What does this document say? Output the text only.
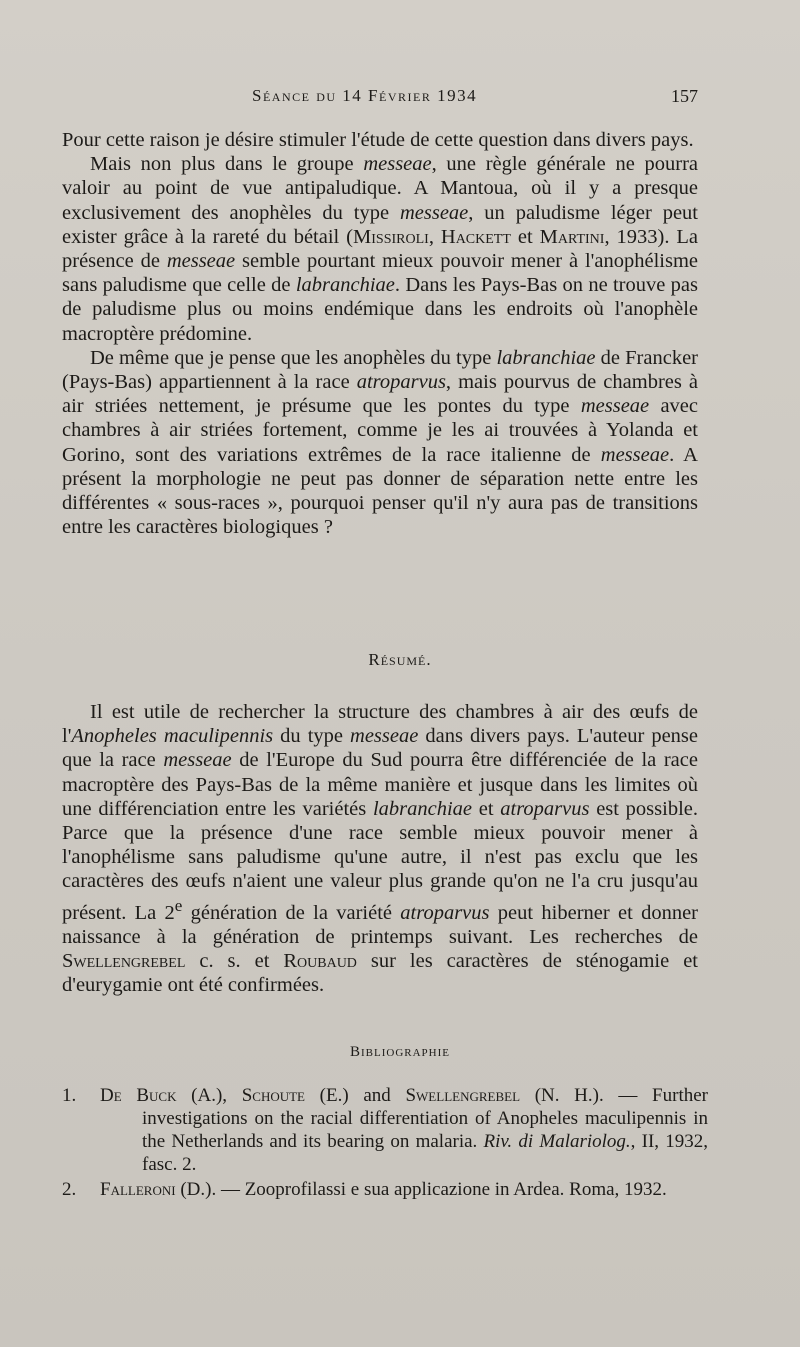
Séance du 14 Février 1934	157

Pour cette raison je désire stimuler l'étude de cette question dans divers pays.

Mais non plus dans le groupe messeae, une règle générale ne pourra valoir au point de vue antipaludique. A Mantoua, où il y a presque exclusivement des anophèles du type messeae, un paludisme léger peut exister grâce à la rareté du bétail (Missiroli, Hackett et Martini, 1933). La présence de messeae semble pourtant mieux pouvoir mener à l'anophélisme sans paludisme que celle de labranchiae. Dans les Pays-Bas on ne trouve pas de paludisme plus ou moins endémique dans les endroits où l'anophèle macroptère prédomine.

De même que je pense que les anophèles du type labranchiae de Francker (Pays-Bas) appartiennent à la race atroparvus, mais pourvus de chambres à air striées nettement, je présume que les pontes du type messeae avec chambres à air striées fortement, comme je les ai trouvées à Yolanda et Gorino, sont des variations extrêmes de la race italienne de messeae. A présent la morphologie ne peut pas donner de séparation nette entre les différentes « sous-races », pourquoi penser qu'il n'y aura pas de transitions entre les caractères biologiques ?

Résumé.

Il est utile de rechercher la structure des chambres à air des œufs de l'Anopheles maculipennis du type messeae dans divers pays. L'auteur pense que la race messeae de l'Europe du Sud pourra être différenciée de la race macroptère des Pays-Bas de la même manière et jusque dans les limites où une différenciation entre les variétés labranchiae et atroparvus est possible. Parce que la présence d'une race semble mieux pouvoir mener à l'anophélisme sans paludisme qu'une autre, il n'est pas exclu que les caractères des œufs n'aient une valeur plus grande qu'on ne l'a cru jusqu'au présent. La 2e génération de la variété atroparvus peut hiberner et donner naissance à la génération de printemps suivant. Les recherches de Swellengrebel c. s. et Roubaud sur les caractères de sténogamie et d'eurygamie ont été confirmées.

Bibliographie

1. De Buck (A.), Schoute (E.) and Swellengrebel (N. H.). — Further investigations on the racial differentiation of Anopheles maculipennis in the Netherlands and its bearing on malaria. Riv. di Malariolog., II, 1932, fasc. 2.

2. Falleroni (D.). — Zooprofilassi e sua applicazione in Ardea. Roma, 1932.
